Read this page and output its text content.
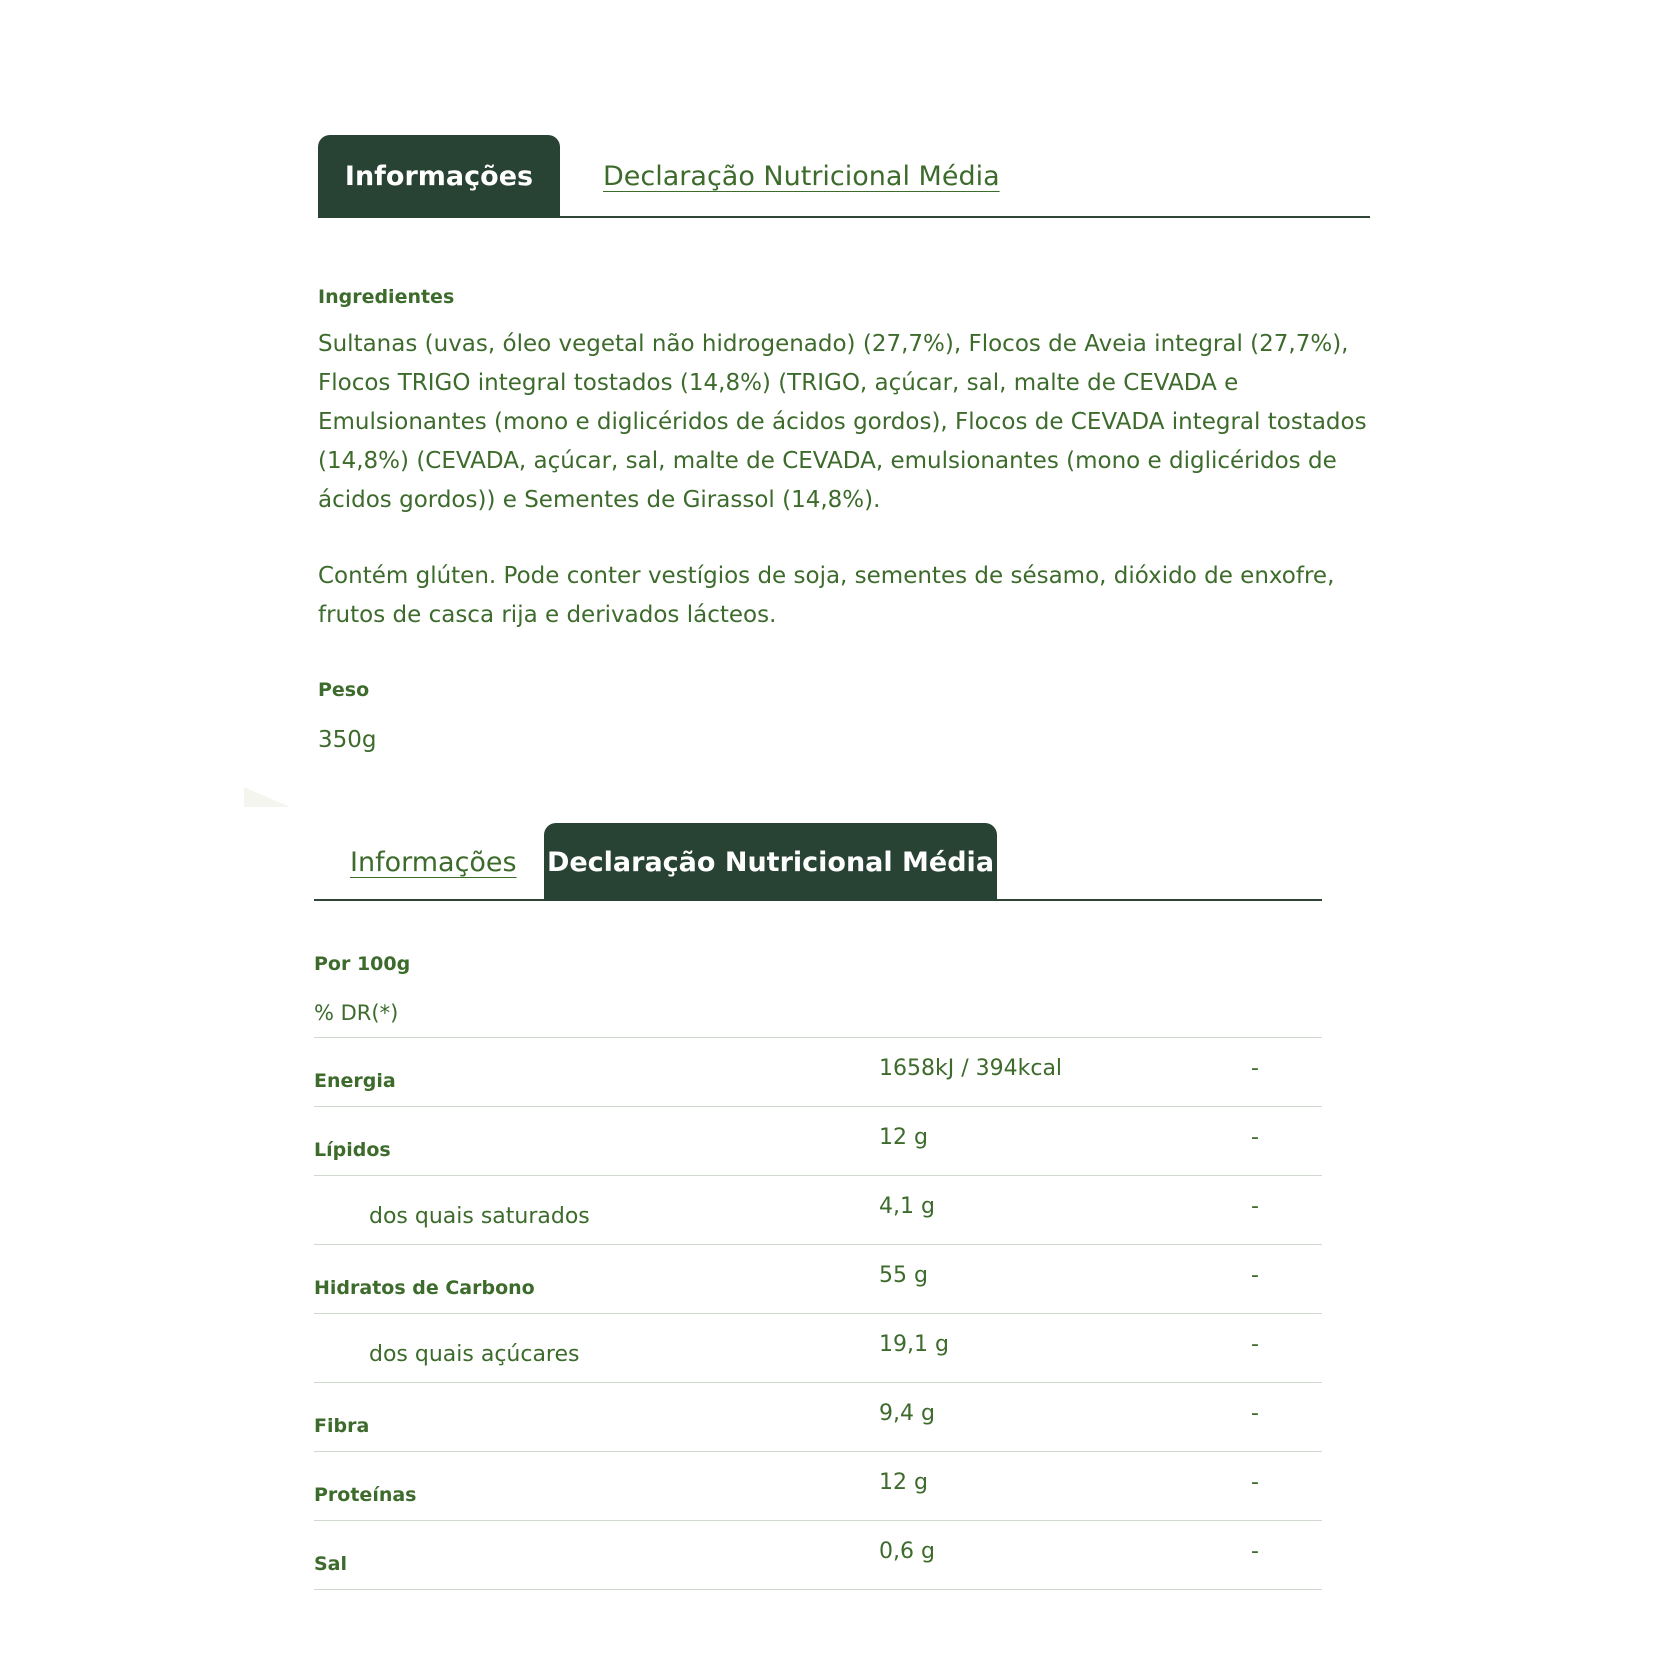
Informações	Declaração Nutricional Média
Ingredientes
Sultanas (uvas, óleo vegetal não hidrogenado) (27,7%), Flocos de Aveia integral (27,7%), Flocos TRIGO integral tostados (14,8%) (TRIGO, açúcar, sal, malte de CEVADA e Emulsionantes (mono e diglicéridos de ácidos gordos), Flocos de CEVADA integral tostados (14,8%) (CEVADA, açúcar, sal, malte de CEVADA, emulsionantes (mono e diglicéridos de ácidos gordos)) e Sementes de Girassol (14,8%).
Contém glúten. Pode conter vestígios de soja, sementes de sésamo, dióxido de enxofre, frutos de casca rija e derivados lácteos.
Peso
350g
Informações Declaração Nutricional Média
Por 100g
% DR(*)
Energia	1658kJ / 394kcal	-
Lípidos	12 g	-
dos quais saturados	4,1 g	-
Hidratos de Carbono	55 g	-
dos quais açúcares	19,1 g	-
Fibra	9,4 g	-
Proteínas	12 g	-
Sal	0,6 g	-
